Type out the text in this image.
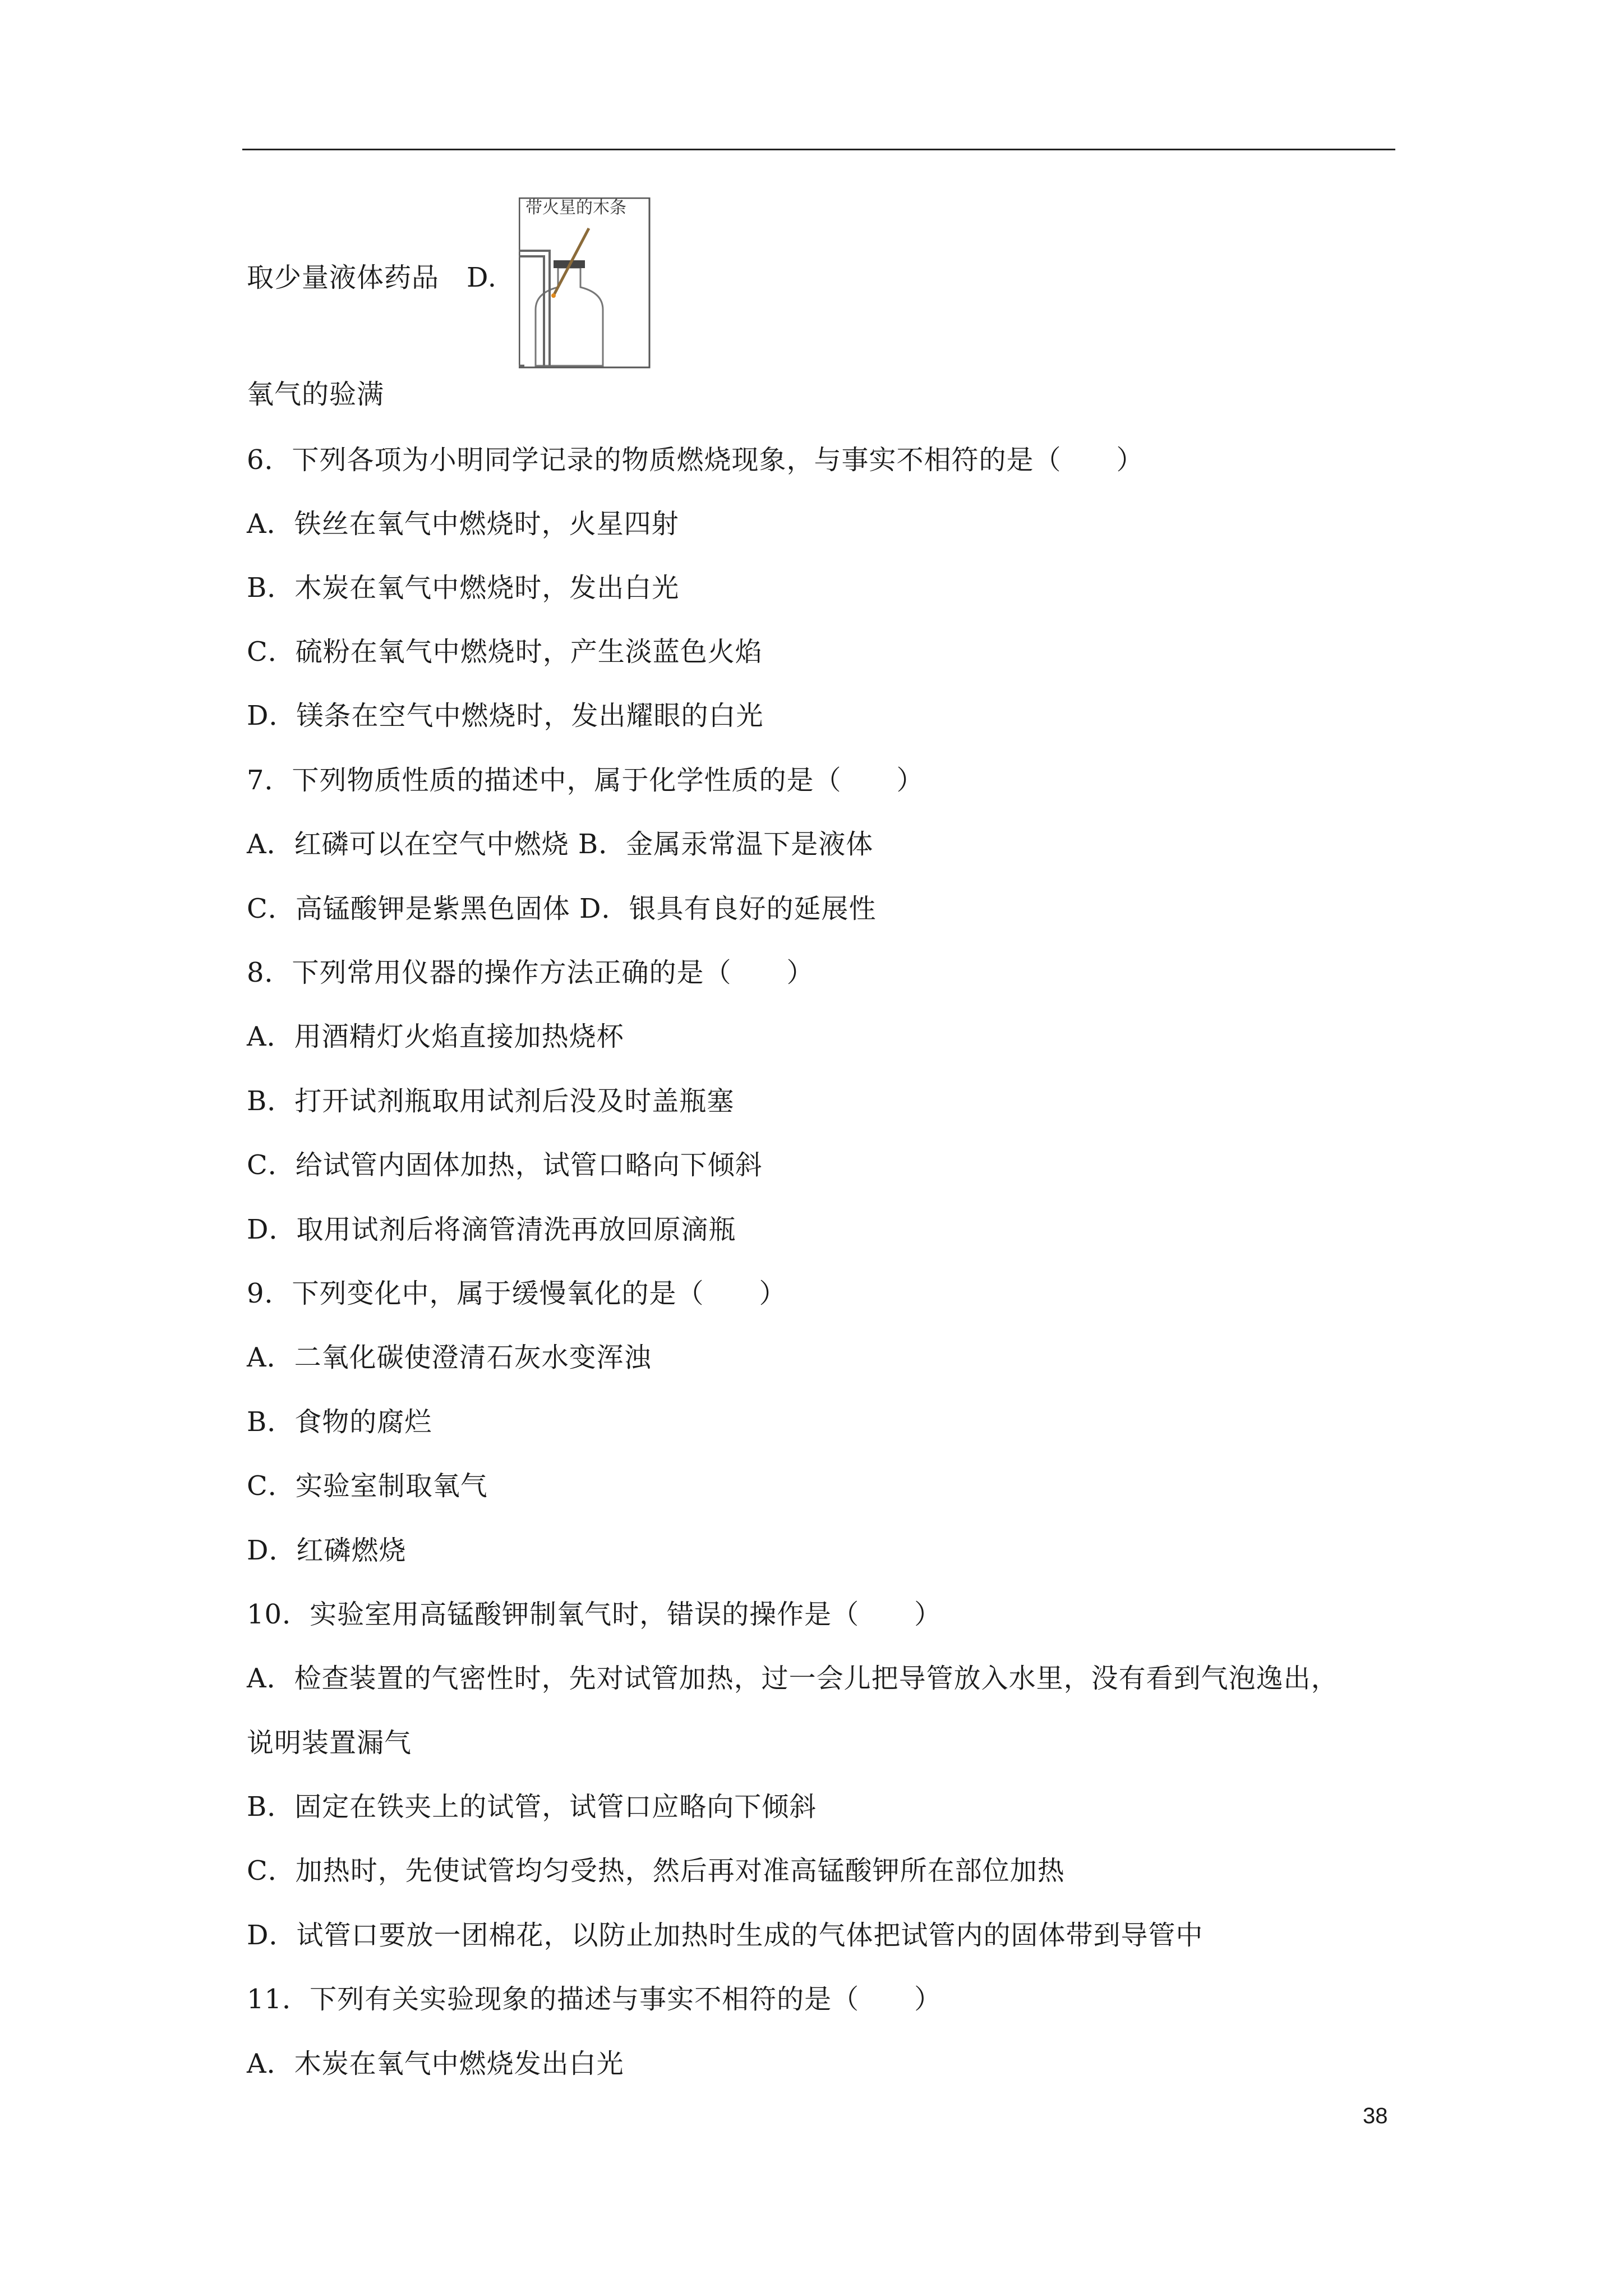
带火星的木条
取少量液体药品　D.
氧气的验满
6．下列各项为小明同学记录的物质燃烧现象，与事实不相符的是（　　）
A．铁丝在氧气中燃烧时，火星四射
B．木炭在氧气中燃烧时，发出白光
C．硫粉在氧气中燃烧时，产生淡蓝色火焰
D．镁条在空气中燃烧时，发出耀眼的白光
7．下列物质性质的描述中，属于化学性质的是（　　）
A．红磷可以在空气中燃烧 B．金属汞常温下是液体
C．高锰酸钾是紫黑色固体 D．银具有良好的延展性
8．下列常用仪器的操作方法正确的是（　　）
A．用酒精灯火焰直接加热烧杯
B．打开试剂瓶取用试剂后没及时盖瓶塞
C．给试管内固体加热，试管口略向下倾斜
D．取用试剂后将滴管清洗再放回原滴瓶
9．下列变化中，属于缓慢氧化的是（　　）
A．二氧化碳使澄清石灰水变浑浊
B．食物的腐烂
C．实验室制取氧气
D．红磷燃烧
10．实验室用高锰酸钾制氧气时，错误的操作是（　　）
A．检查装置的气密性时，先对试管加热，过一会儿把导管放入水里，没有看到气泡逸出，
说明装置漏气
B．固定在铁夹上的试管，试管口应略向下倾斜
C．加热时，先使试管均匀受热，然后再对准高锰酸钾所在部位加热
D．试管口要放一团棉花，以防止加热时生成的气体把试管内的固体带到导管中
11．下列有关实验现象的描述与事实不相符的是（　　）
A．木炭在氧气中燃烧发出白光
38
